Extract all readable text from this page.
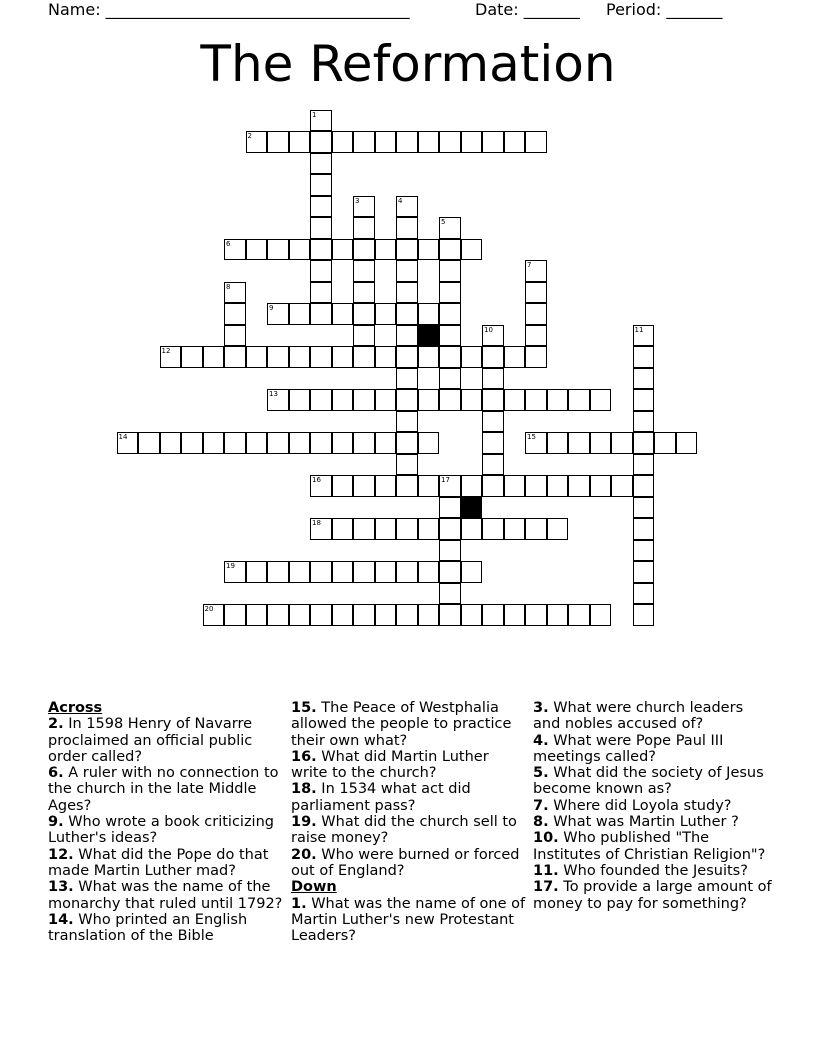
Name: ______________________________________	Date: _______ Period: _______
The Reformation
2
6
9
12
13
14	15
16	17
18
19
20
1
3	4
5
7
8
10	11
Across
2. In 1598 Henry of Navarre proclaimed an official public order called?
6. A ruler with no connection to the church in the late Middle Ages?
9. Who wrote a book criticizing Luther's ideas?
12. What did the Pope do that made Martin Luther mad?
13. What was the name of the monarchy that ruled until 1792?
14. Who printed an English translation of the Bible
15. The Peace of Westphalia allowed the people to practice their own what?
16. What did Martin Luther write to the church?
18. In 1534 what act did parliament pass?
19. What did the church sell to raise money?
20. Who were burned or forced out of England?
Down
1. What was the name of one of Martin Luther's new Protestant Leaders?
3. What were church leaders and nobles accused of?
4. What were Pope Paul III meetings called?
5. What did the society of Jesus become known as?
7. Where did Loyola study?
8. What was Martin Luther ?
10. Who published "The Institutes of Christian Religion"?
11. Who founded the Jesuits?
17. To provide a large amount of money to pay for something?
